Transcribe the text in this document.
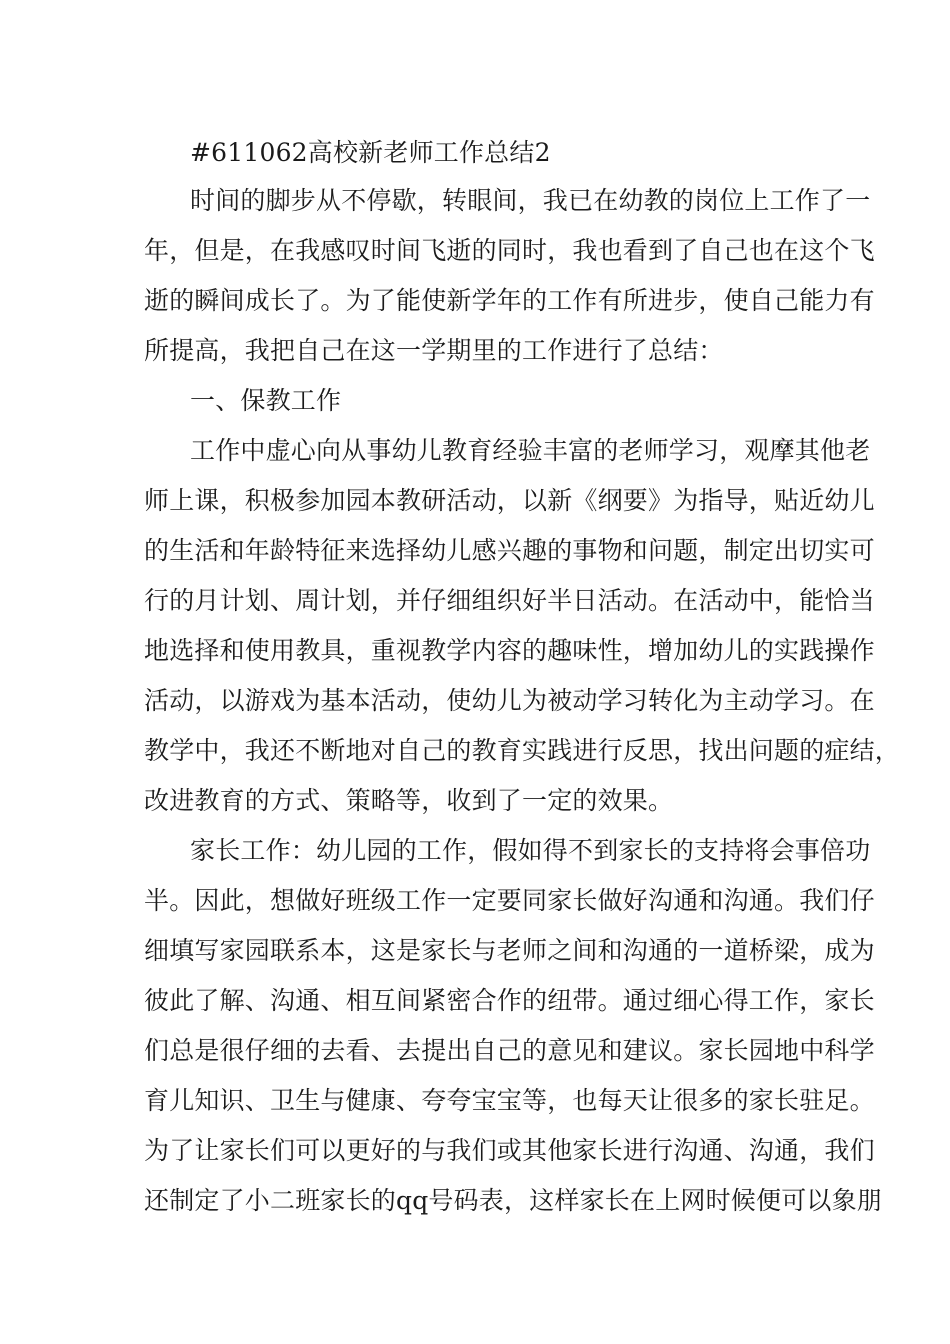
#611062高校新老师工作总结2
时间的脚步从不停歇，转眼间，我已在幼教的岗位上工作了一
年，但是，在我感叹时间飞逝的同时，我也看到了自己也在这个飞
逝的瞬间成长了。为了能使新学年的工作有所进步，使自己能力有
所提高，我把自己在这一学期里的工作进行了总结：
一、保教工作
工作中虚心向从事幼儿教育经验丰富的老师学习，观摩其他老
师上课，积极参加园本教研活动，以新《纲要》为指导，贴近幼儿
的生活和年龄特征来选择幼儿感兴趣的事物和问题，制定出切实可
行的月计划、周计划，并仔细组织好半日活动。在活动中，能恰当
地选择和使用教具，重视教学内容的趣味性，增加幼儿的实践操作
活动，以游戏为基本活动，使幼儿为被动学习转化为主动学习。在
教学中，我还不断地对自己的教育实践进行反思，找出问题的症结，
改进教育的方式、策略等，收到了一定的效果。
家长工作：幼儿园的工作，假如得不到家长的支持将会事倍功
半。因此，想做好班级工作一定要同家长做好沟通和沟通。我们仔
细填写家园联系本，这是家长与老师之间和沟通的一道桥梁，成为
彼此了解、沟通、相互间紧密合作的纽带。通过细心得工作，家长
们总是很仔细的去看、去提出自己的意见和建议。家长园地中科学
育儿知识、卫生与健康、夸夸宝宝等，也每天让很多的家长驻足。
为了让家长们可以更好的与我们或其他家长进行沟通、沟通，我们
还制定了小二班家长的qq号码表，这样家长在上网时候便可以象朋
